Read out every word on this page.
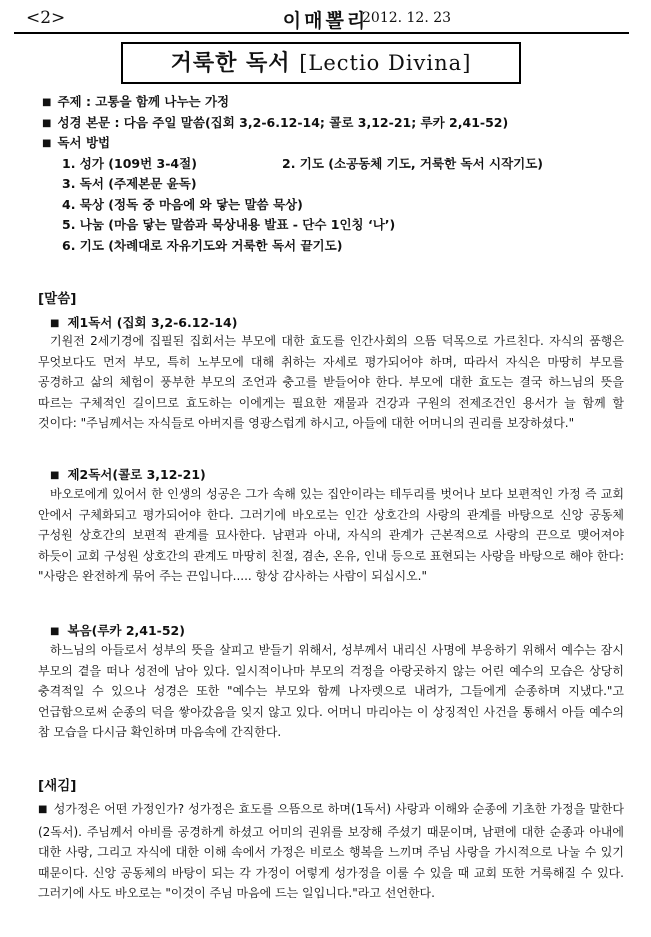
<2>	이매뽈리
2012. 12. 23
거룩한 독서 [Lectio Divina]
■ 주제 : 고통을 함께 나누는 가정
■ 성경 본문 : 다음 주일 말씀(집회 3,2-6.12-14; 콜로 3,12-21; 루카 2,41-52)
■ 독서 방법
1. 성가 (109번 3-4절)	2. 기도 (소공동체 기도, 거룩한 독서 시작기도)
3. 독서 (주제본문 윤독)
4. 묵상 (정독 중 마음에 와 닿는 말씀 묵상)
5. 나눔 (마음 닿는 말씀과 묵상내용 발표 - 단수 1인칭 ‘나’)
6. 기도 (차례대로 자유기도와 거룩한 독서 끝기도)
[말씀]
■ 제1독서 (집회 3,2-6.12-14)
기원전 2세기경에 집필된 집회서는 부모에 대한 효도를 인간사회의 으뜸 덕목으로 가르친다. 자식의 품행은 무엇보다도 먼저 부모, 특히 노부모에 대해 취하는 자세로 평가되어야 하며, 따라서 자식은 마땅히 부모를 공경하고 삶의 체험이 풍부한 부모의 조언과 충고를 받들어야 한다. 부모에 대한 효도는 결국 하느님의 뜻을 따르는 구체적인 길이므로 효도하는 이에게는 필요한 재물과 건강과 구원의 전제조건인 용서가 늘 함께 할 것이다: "주님께서는 자식들로 아버지를 영광스럽게 하시고, 아들에 대한 어머니의 권리를 보장하셨다."
■ 제2독서(콜로 3,12-21)
바오로에게 있어서 한 인생의 성공은 그가 속해 있는 집안이라는 테두리를 벗어나 보다 보편적인 가정 즉 교회 안에서 구체화되고 평가되어야 한다. 그러기에 바오로는 인간 상호간의 사랑의 관계를 바탕으로 신앙 공동체 구성원 상호간의 보편적 관계를 묘사한다. 남편과 아내, 자식의 관계가 근본적으로 사랑의 끈으로 맺어져야 하듯이 교회 구성원 상호간의 관계도 마땅히 친절, 겸손, 온유, 인내 등으로 표현되는 사랑을 바탕으로 해야 한다: "사랑은 완전하게 묶어 주는 끈입니다..... 항상 감사하는 사람이 되십시오."
■ 복음(루카 2,41-52)
하느님의 아들로서 성부의 뜻을 살피고 받들기 위해서, 성부께서 내리신 사명에 부응하기 위해서 예수는 잠시 부모의 곁을 떠나 성전에 남아 있다. 일시적이나마 부모의 걱정을 아랑곳하지 않는 어린 예수의 모습은 상당히 충격적일 수 있으나 성경은 또한 "예수는 부모와 함께 나자렛으로 내려가, 그들에게 순종하며 지냈다."고 언급함으로써 순종의 덕을 쌓아갔음을 잊지 않고 있다. 어머니 마리아는 이 상징적인 사건을 통해서 아들 예수의 참 모습을 다시금 확인하며 마음속에 간직한다.
[새김]
■ 성가정은 어떤 가정인가? 성가정은 효도를 으뜸으로 하며(1독서) 사랑과 이해와 순종에 기초한 가정을 말한다(2독서). 주님께서 아비를 공경하게 하셨고 어미의 권위를 보장해 주셨기 때문이며, 남편에 대한 순종과 아내에 대한 사랑, 그리고 자식에 대한 이해 속에서 가정은 비로소 행복을 느끼며 주님 사랑을 가시적으로 나눌 수 있기 때문이다. 신앙 공동체의 바탕이 되는 각 가정이 어렇게 성가정을 이룰 수 있을 때 교회 또한 거룩해질 수 있다. 그러기에 사도 바오로는 "이것이 주님 마음에 드는 일입니다."라고 선언한다.
